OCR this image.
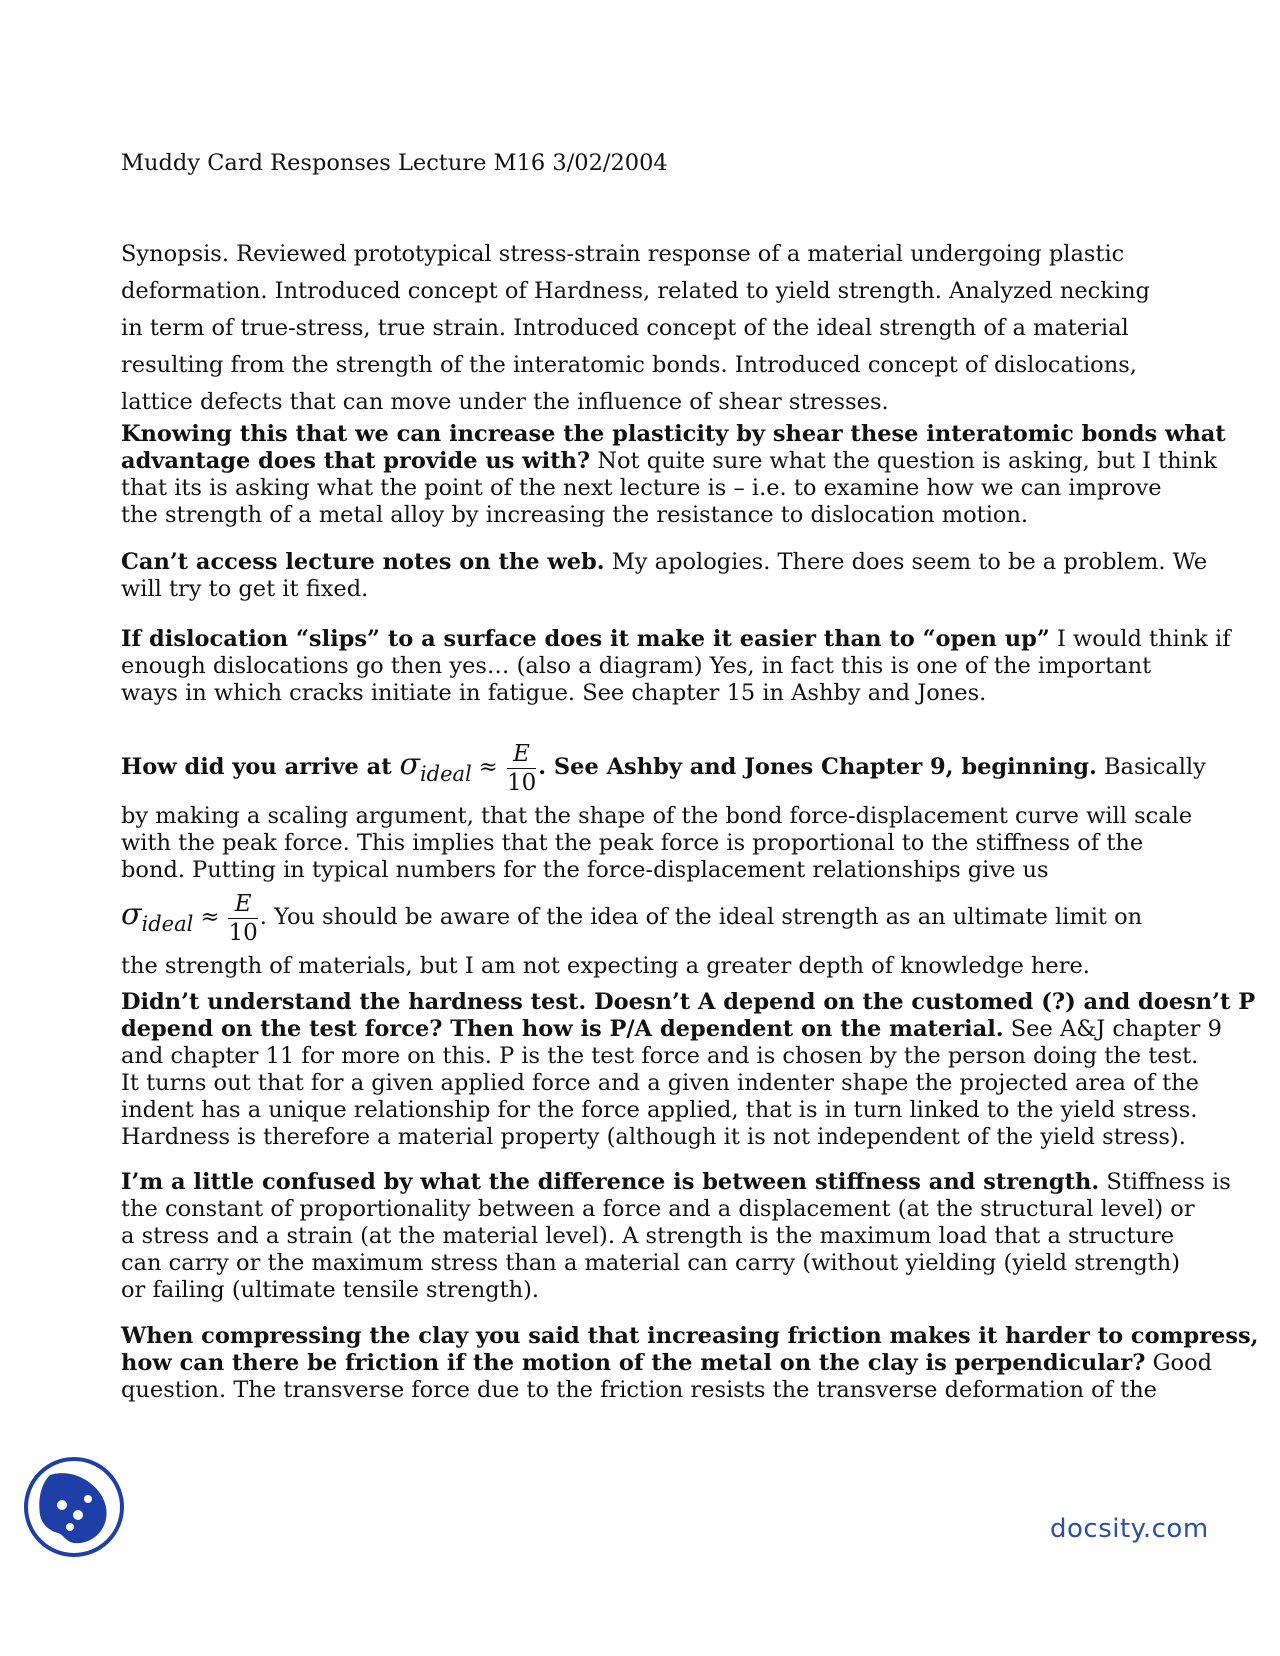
Muddy Card Responses Lecture M16 3/02/2004

Synopsis. Reviewed prototypical stress-strain response of a material undergoing plastic

deformation. Introduced concept of Hardness, related to yield strength. Analyzed necking

in term of true-stress, true strain. Introduced concept of the ideal strength of a material

resulting from the strength of the interatomic bonds. Introduced concept of dislocations,

lattice defects that can move under the influence of shear stresses.

Knowing this that we can increase the plasticity by shear these interatomic bonds what

advantage does that provide us with? Not quite sure what the question is asking, but I think

that its is asking what the point of the next lecture is – i.e. to examine how we can improve

the strength of a metal alloy by increasing the resistance to dislocation motion.

Can’t access lecture notes on the web. My apologies. There does seem to be a problem. We

will try to get it fixed.

If dislocation “slips” to a surface does it make it easier than to “open up” I would think if

enough dislocations go then yes… (also a diagram) Yes, in fact this is one of the important

ways in which cracks initiate in fatigue. See chapter 15 in Ashby and Jones.

How did you arrive at σideal ≈ $\frac{E}{10}$ . See Ashby and Jones Chapter 9, beginning. Basically

by making a scaling argument, that the shape of the bond force-displacement curve will scale

with the peak force. This implies that the peak force is proportional to the stiffness of the

bond. Putting in typical numbers for the force-displacement relationships give us

σideal ≈ $\frac{E}{10}$ . You should be aware of the idea of the ideal strength as an ultimate limit on

the strength of materials, but I am not expecting a greater depth of knowledge here.

Didn’t understand the hardness test. Doesn’t A depend on the customed (?) and doesn’t P

depend on the test force? Then how is P/A dependent on the material. See A&J chapter 9

and chapter 11 for more on this. P is the test force and is chosen by the person doing the test.

It turns out that for a given applied force and a given indenter shape the projected area of the

indent has a unique relationship for the force applied, that is in turn linked to the yield stress.

Hardness is therefore a material property (although it is not independent of the yield stress).

I’m a little confused by what the difference is between stiffness and strength. Stiffness is

the constant of proportionality between a force and a displacement (at the structural level) or

a stress and a strain (at the material level). A strength is the maximum load that a structure

can carry or the maximum stress than a material can carry (without yielding (yield strength)

or failing (ultimate tensile strength).

When compressing the clay you said that increasing friction makes it harder to compress,

how can there be friction if the motion of the metal on the clay is perpendicular? Good

question. The transverse force due to the friction resists the transverse deformation of the

docsity.com
